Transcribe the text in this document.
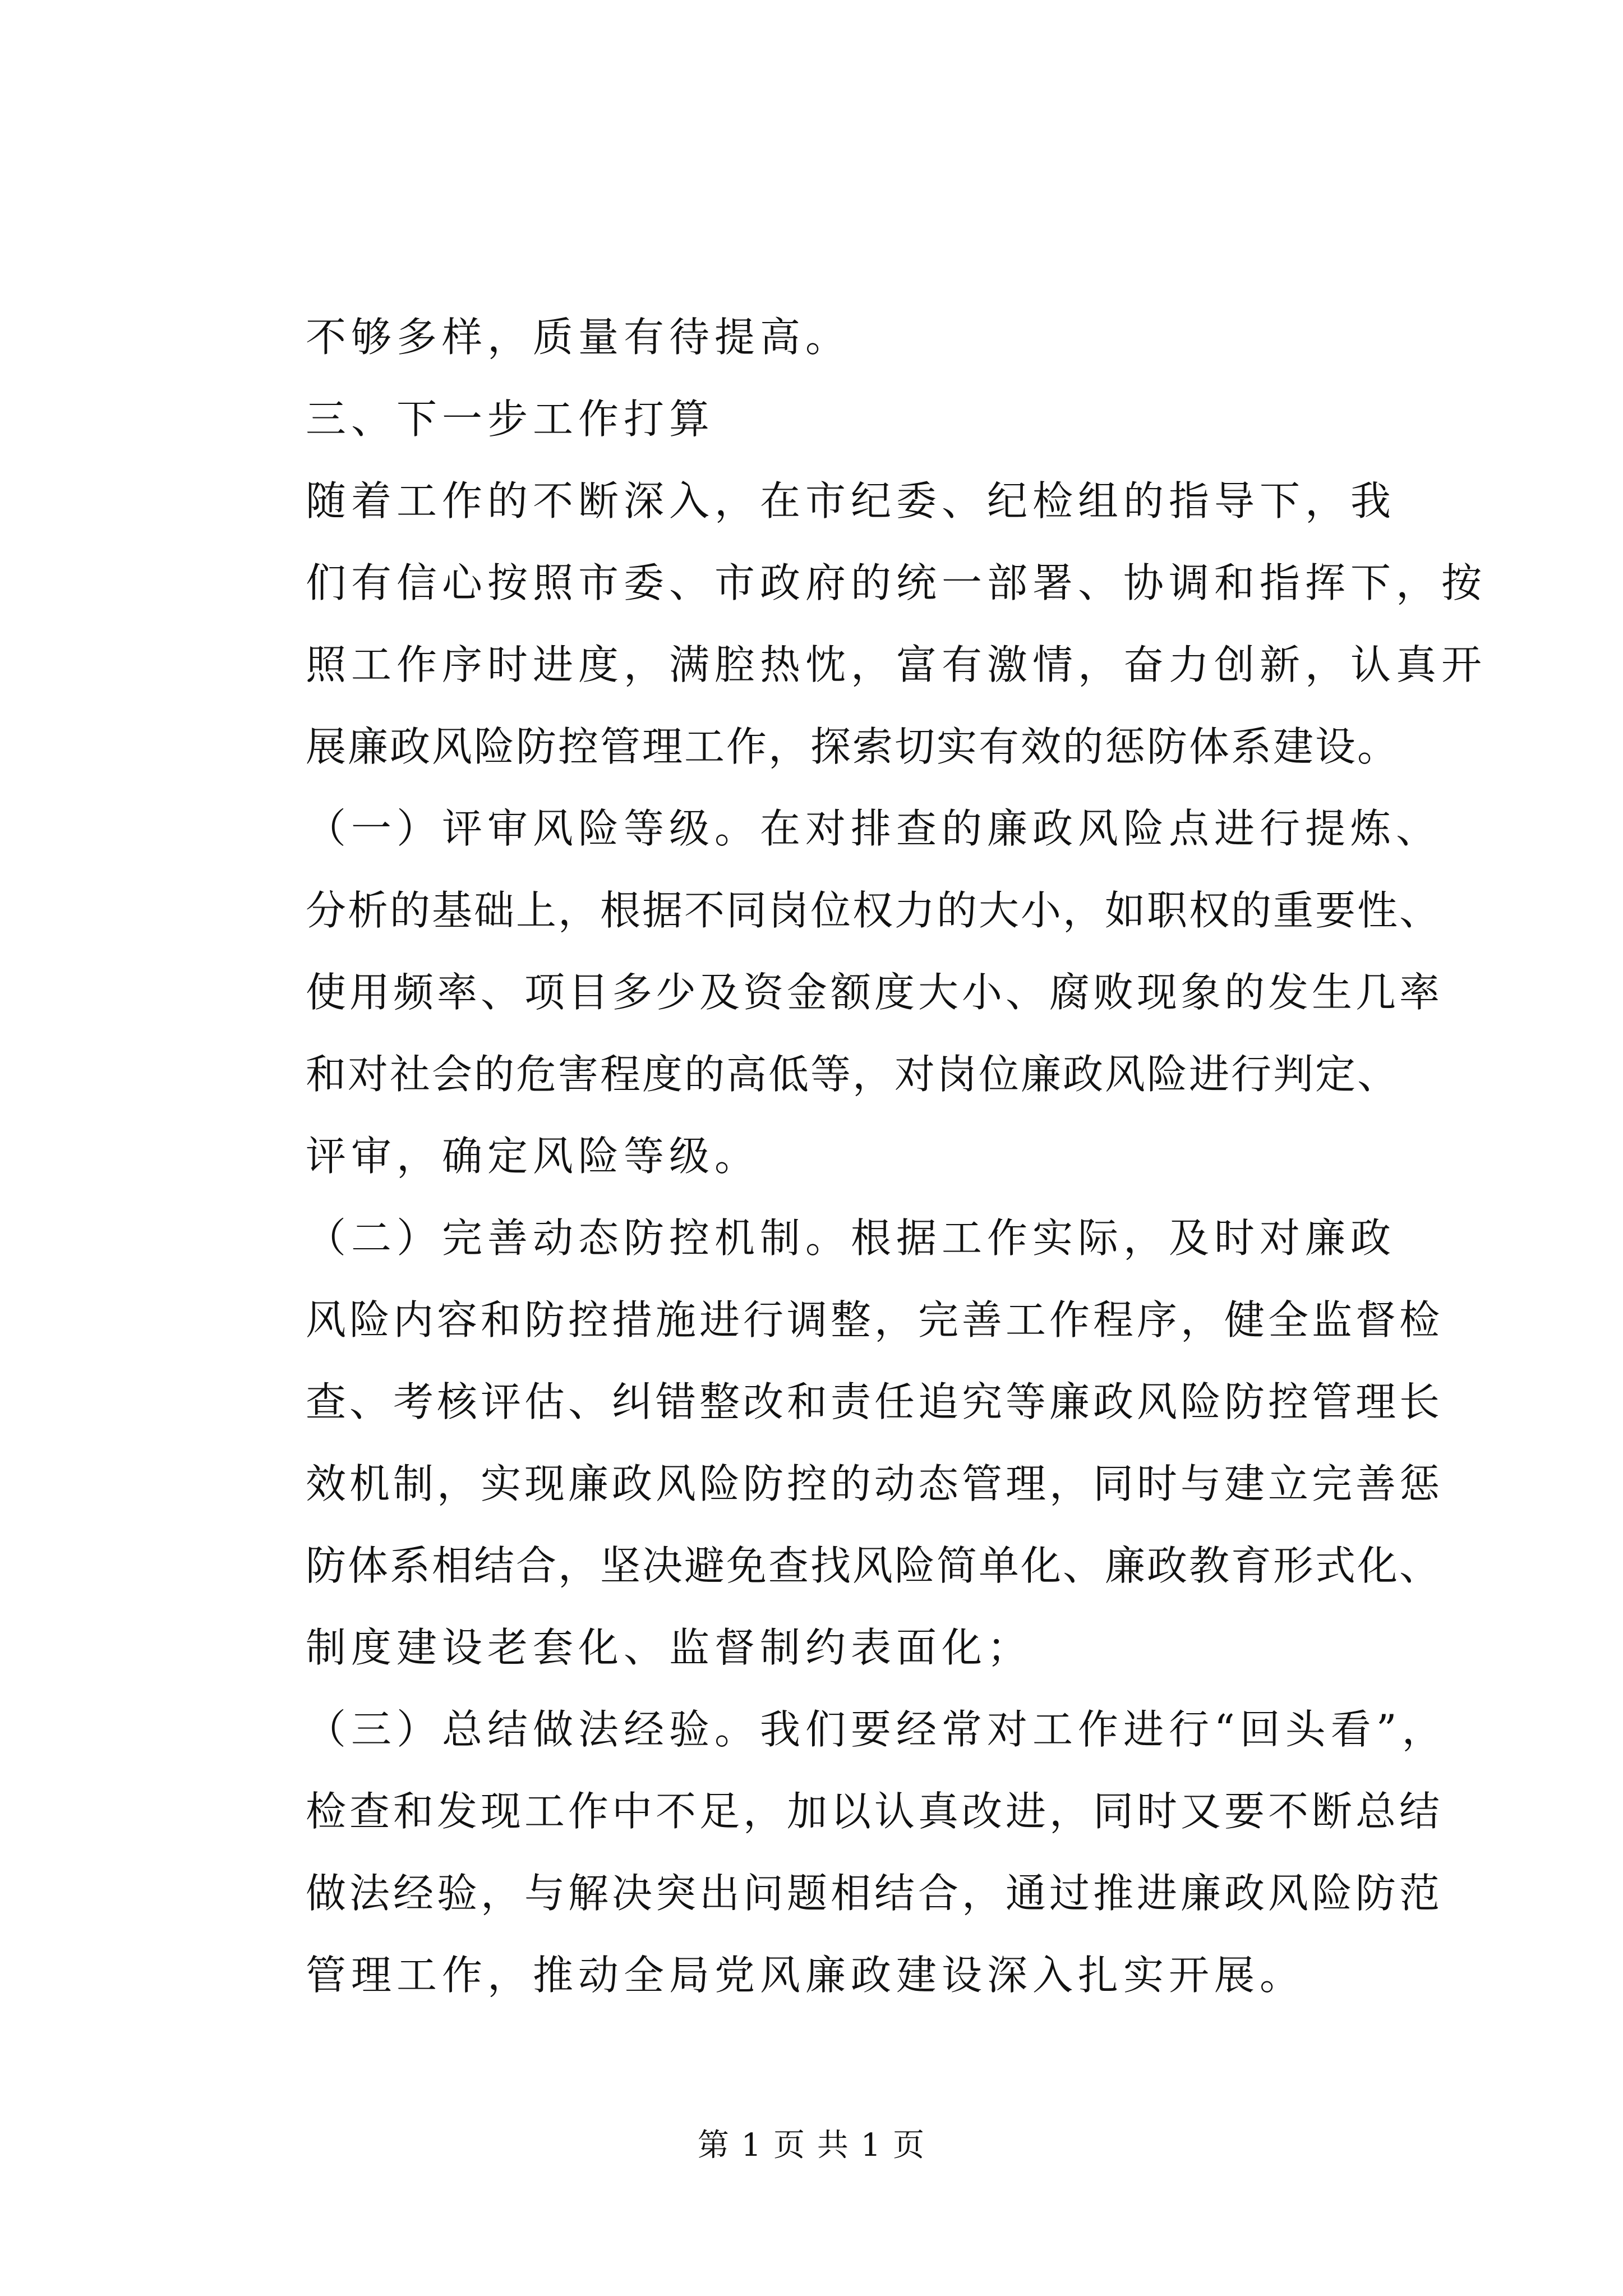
不够多样，质量有待提高。
三、下一步工作打算
随着工作的不断深入，在市纪委、纪检组的指导下，我
们有信心按照市委、市政府的统一部署、协调和指挥下，按
照工作序时进度，满腔热忱，富有激情，奋力创新，认真开
展廉政风险防控管理工作，探索切实有效的惩防体系建设。
（一）评审风险等级。在对排查的廉政风险点进行提炼、
分析的基础上，根据不同岗位权力的大小，如职权的重要性、
使用频率、项目多少及资金额度大小、腐败现象的发生几率
和对社会的危害程度的高低等，对岗位廉政风险进行判定、
评审，确定风险等级。
（二）完善动态防控机制。根据工作实际，及时对廉政
风险内容和防控措施进行调整，完善工作程序，健全监督检
查、考核评估、纠错整改和责任追究等廉政风险防控管理长
效机制，实现廉政风险防控的动态管理，同时与建立完善惩
防体系相结合，坚决避免查找风险简单化、廉政教育形式化、
制度建设老套化、监督制约表面化；
（三）总结做法经验。我们要经常对工作进行“回头看”，
检查和发现工作中不足，加以认真改进，同时又要不断总结
做法经验，与解决突出问题相结合，通过推进廉政风险防范
管理工作，推动全局党风廉政建设深入扎实开展。
第 1 页 共 1 页
